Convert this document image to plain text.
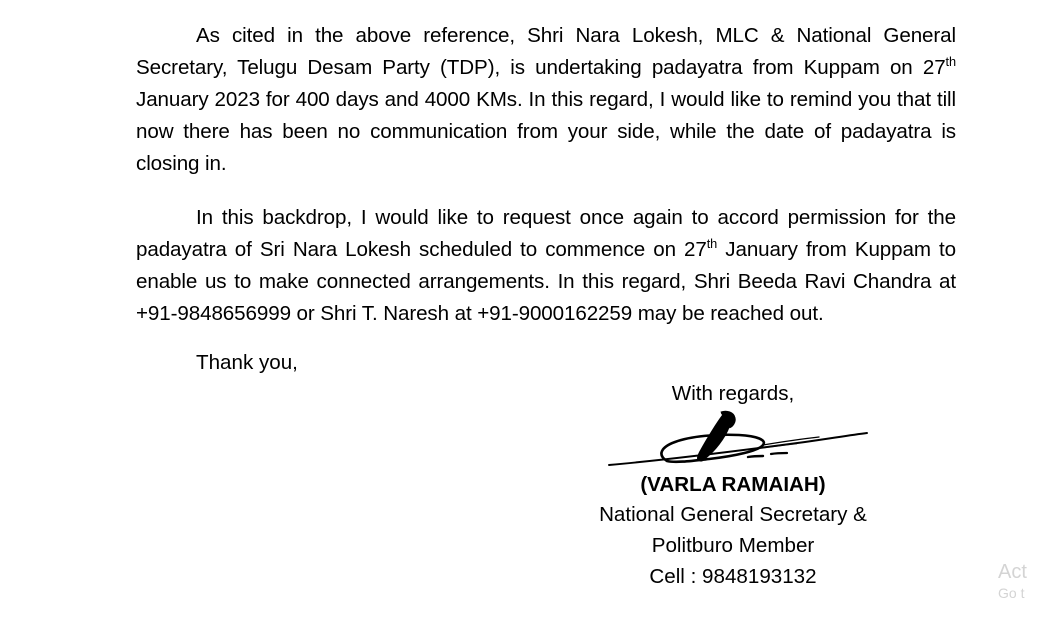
As cited in the above reference, Shri Nara Lokesh, MLC & National General Secretary, Telugu Desam Party (TDP), is undertaking padayatra from Kuppam on 27th January 2023 for 400 days and 4000 KMs. In this regard, I would like to remind you that till now there has been no communication from your side, while the date of padayatra is closing in.

In this backdrop, I would like to request once again to accord permission for the padayatra of Sri Nara Lokesh scheduled to commence on 27th January from Kuppam to enable us to make connected arrangements. In this regard, Shri Beeda Ravi Chandra at +91-9848656999 or Shri T. Naresh at +91-9000162259 may be reached out.

Thank you,
With regards,
(VARLA RAMAIAH)
National General Secretary &
Politburo Member
Cell : 9848193132	Act
Go t
